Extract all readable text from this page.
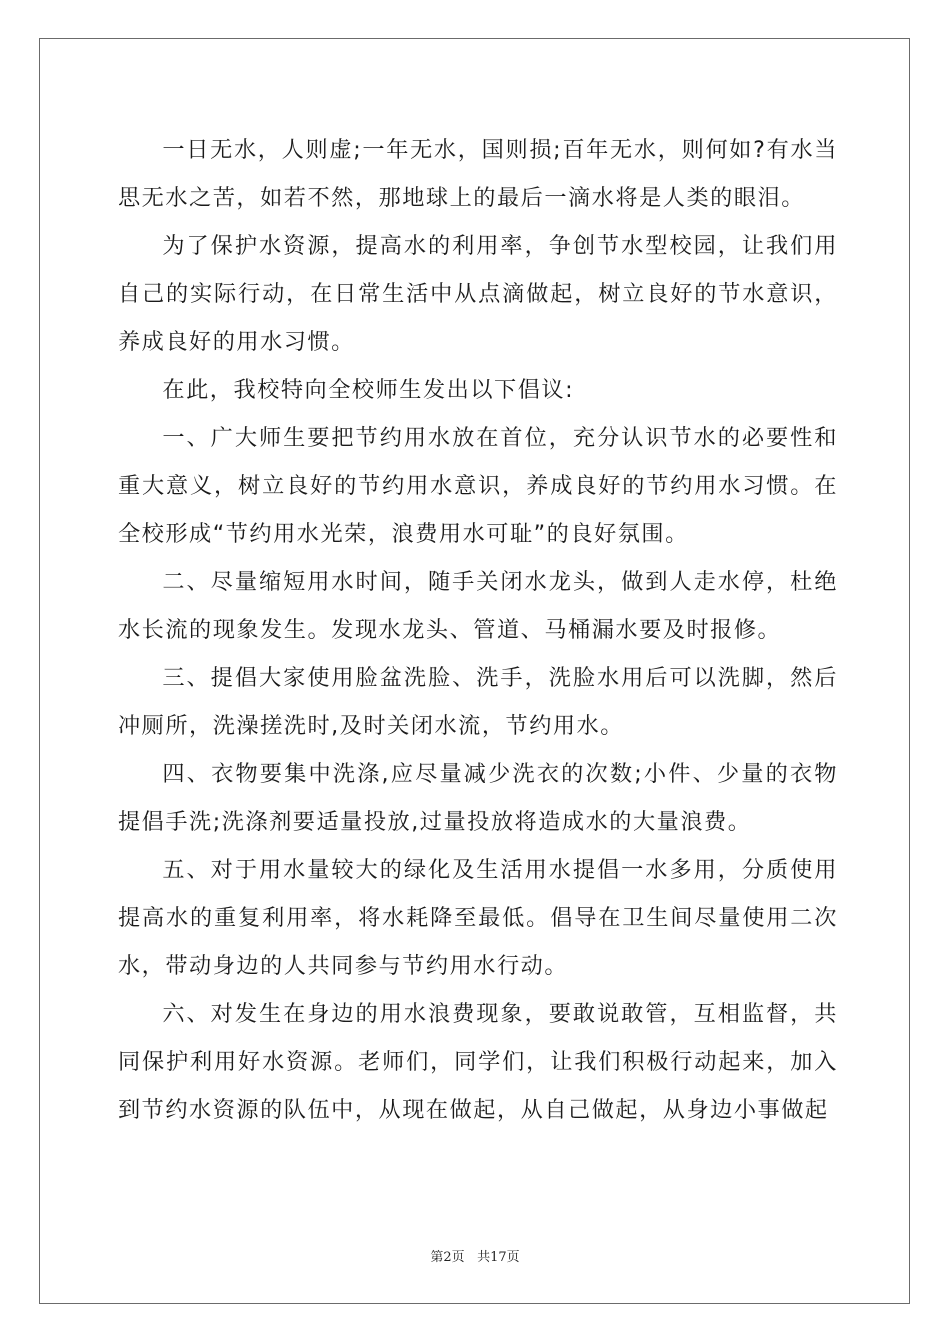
一日无水，人则虚;一年无水，国则损;百年无水，则何如?有水当思无水之苦，如若不然，那地球上的最后一滴水将是人类的眼泪。

为了保护水资源，提高水的利用率，争创节水型校园，让我们用自己的实际行动，在日常生活中从点滴做起，树立良好的节水意识，养成良好的用水习惯。

在此，我校特向全校师生发出以下倡议:

一、广大师生要把节约用水放在首位，充分认识节水的必要性和重大意义，树立良好的节约用水意识，养成良好的节约用水习惯。在全校形成“节约用水光荣，浪费用水可耻”的良好氛围。

二、尽量缩短用水时间，随手关闭水龙头，做到人走水停，杜绝水长流的现象发生。发现水龙头、管道、马桶漏水要及时报修。

三、提倡大家使用脸盆洗脸、洗手，洗脸水用后可以洗脚，然后冲厕所，洗澡搓洗时,及时关闭水流，节约用水。

四、衣物要集中洗涤,应尽量减少洗衣的次数;小件、少量的衣物提倡手洗;洗涤剂要适量投放,过量投放将造成水的大量浪费。

五、对于用水量较大的绿化及生活用水提倡一水多用，分质使用提高水的重复利用率，将水耗降至最低。倡导在卫生间尽量使用二次水，带动身边的人共同参与节约用水行动。

六、对发生在身边的用水浪费现象，要敢说敢管，互相监督，共同保护利用好水资源。老师们，同学们，让我们积极行动起来，加入到节约水资源的队伍中，从现在做起，从自己做起，从身边小事做起

第2页 共17页
